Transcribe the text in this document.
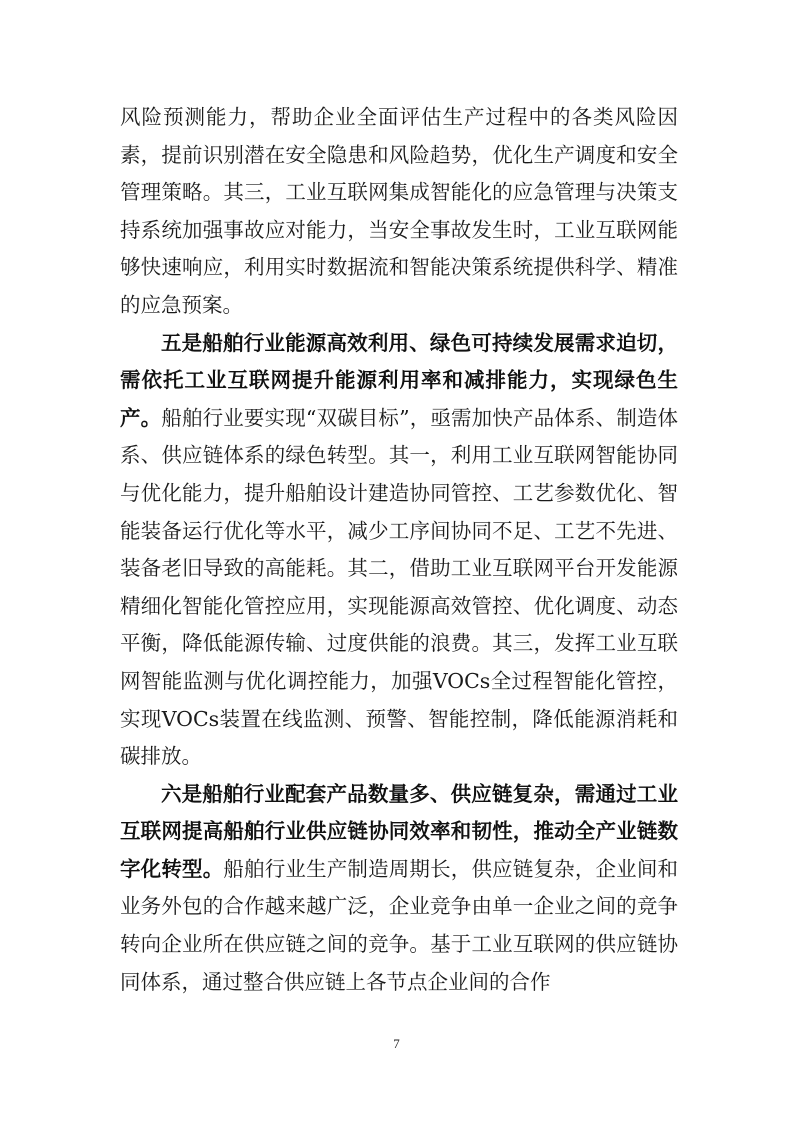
风险预测能力，帮助企业全面评估生产过程中的各类风险因素，提前识别潜在安全隐患和风险趋势，优化生产调度和安全管理策略。其三，工业互联网集成智能化的应急管理与决策支持系统加强事故应对能力，当安全事故发生时，工业互联网能够快速响应，利用实时数据流和智能决策系统提供科学、精准的应急预案。

五是船舶行业能源高效利用、绿色可持续发展需求迫切，需依托工业互联网提升能源利用率和减排能力，实现绿色生产。船舶行业要实现“双碳目标”，亟需加快产品体系、制造体系、供应链体系的绿色转型。其一，利用工业互联网智能协同与优化能力，提升船舶设计建造协同管控、工艺参数优化、智能装备运行优化等水平，减少工序间协同不足、工艺不先进、装备老旧导致的高能耗。其二，借助工业互联网平台开发能源精细化智能化管控应用，实现能源高效管控、优化调度、动态平衡，降低能源传输、过度供能的浪费。其三，发挥工业互联网智能监测与优化调控能力，加强VOCs全过程智能化管控，实现VOCs装置在线监测、预警、智能控制，降低能源消耗和碳排放。

六是船舶行业配套产品数量多、供应链复杂，需通过工业互联网提高船舶行业供应链协同效率和韧性，推动全产业链数字化转型。船舶行业生产制造周期长，供应链复杂，企业间和业务外包的合作越来越广泛，企业竞争由单一企业之间的竞争转向企业所在供应链之间的竞争。基于工业互联网的供应链协同体系，通过整合供应链上各节点企业间的合作

7
